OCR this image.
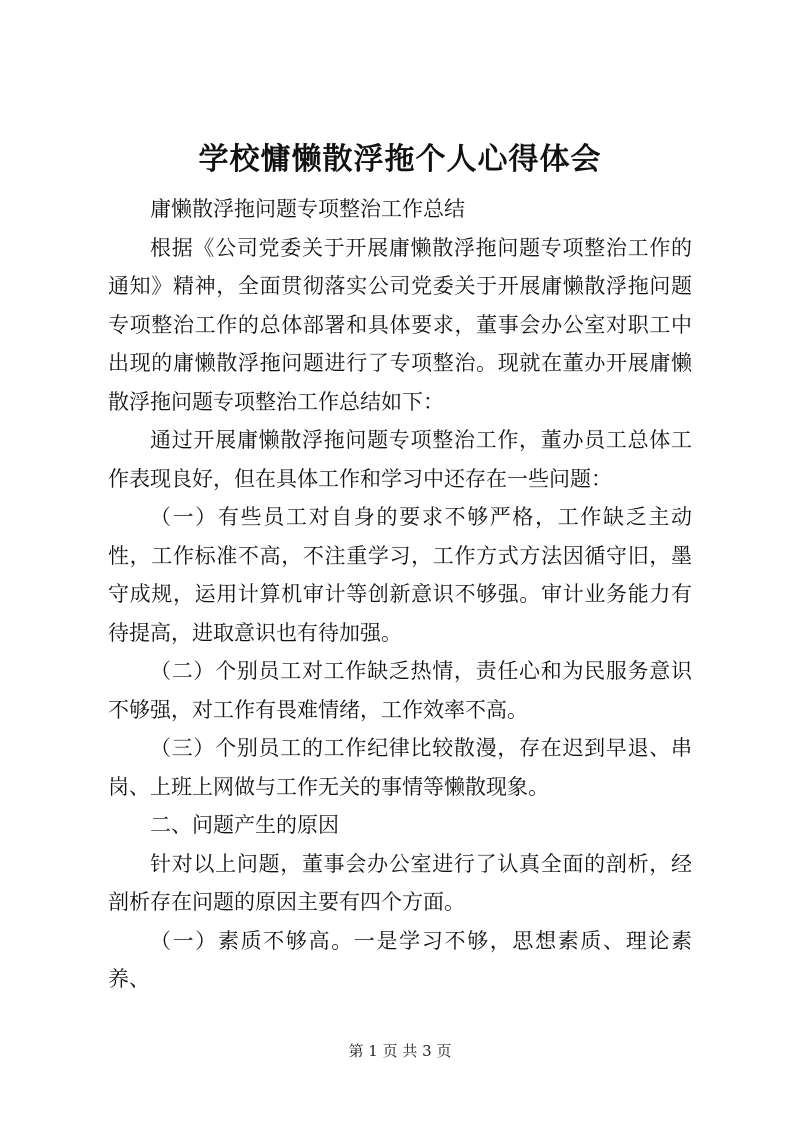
学校慵懒散浮拖个人心得体会

庸懒散浮拖问题专项整治工作总结

根据《公司党委关于开展庸懒散浮拖问题专项整治工作的通知》精神，全面贯彻落实公司党委关于开展庸懒散浮拖问题专项整治工作的总体部署和具体要求，董事会办公室对职工中出现的庸懒散浮拖问题进行了专项整治。现就在董办开展庸懒散浮拖问题专项整治工作总结如下：

通过开展庸懒散浮拖问题专项整治工作，董办员工总体工作表现良好，但在具体工作和学习中还存在一些问题：

（一）有些员工对自身的要求不够严格，工作缺乏主动性，工作标准不高，不注重学习，工作方式方法因循守旧，墨守成规，运用计算机审计等创新意识不够强。审计业务能力有待提高，进取意识也有待加强。

（二）个别员工对工作缺乏热情，责任心和为民服务意识不够强，对工作有畏难情绪，工作效率不高。

（三）个别员工的工作纪律比较散漫，存在迟到早退、串岗、上班上网做与工作无关的事情等懒散现象。

二、问题产生的原因

针对以上问题，董事会办公室进行了认真全面的剖析，经剖析存在问题的原因主要有四个方面。

（一）素质不够高。一是学习不够，思想素质、理论素养、

第 1 页 共 3 页
